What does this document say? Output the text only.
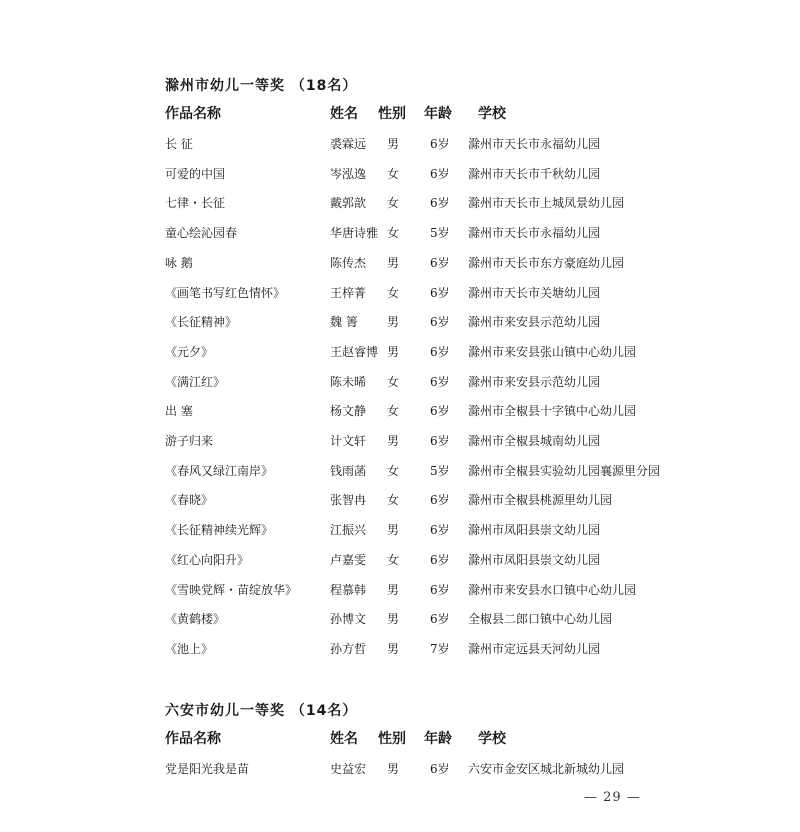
滁州市幼儿一等奖 （18名）
作品名称	姓名 性别 年龄 学校
长 征	裘霖远 男	6岁 滁州市天长市永福幼儿园
可爱的中国	岑泓逸 女	6岁 滁州市天长市千秋幼儿园
七律・长征	戴郭歆 女	6岁 滁州市天长市上城凤景幼儿园
童心绘沁园春	华唐诗雅 女	5岁 滁州市天长市永福幼儿园
咏 鹅	陈传杰 男	6岁 滁州市天长市东方豪庭幼儿园
《画笔书写红色情怀》	王梓菁 女	6岁 滁州市天长市关塘幼儿园
《长征精神》	魏 箐 男	6岁 滁州市来安县示范幼儿园
《元夕》	王赵睿博 男	6岁 滁州市来安县张山镇中心幼儿园
《满江红》	陈未晞 女	6岁 滁州市来安县示范幼儿园
出 塞	杨文静 女	6岁 滁州市全椒县十字镇中心幼儿园
游子归来	计文轩 男	6岁 滁州市全椒县城南幼儿园
《春风又绿江南岸》	钱雨菡 女	5岁 滁州市全椒县实验幼儿园襄源里分园
《春晓》	张智冉 女	6岁 滁州市全椒县桃源里幼儿园
《长征精神续光辉》	江振兴 男	6岁 滁州市凤阳县崇文幼儿园
《红心向阳升》	卢嘉雯 女	6岁 滁州市凤阳县崇文幼儿园
《雪映党辉・苗绽放华》	程慕韩 男	6岁 滁州市来安县水口镇中心幼儿园
《黄鹤楼》	孙博文 男	6岁 全椒县二郎口镇中心幼儿园
《池上》	孙方哲 男	7岁 滁州市定远县天河幼儿园
六安市幼儿一等奖 （14名）
作品名称	姓名 性别 年龄 学校
党是阳光我是苗	史益宏 男	6岁 六安市金安区城北新城幼儿园
— 29 —
